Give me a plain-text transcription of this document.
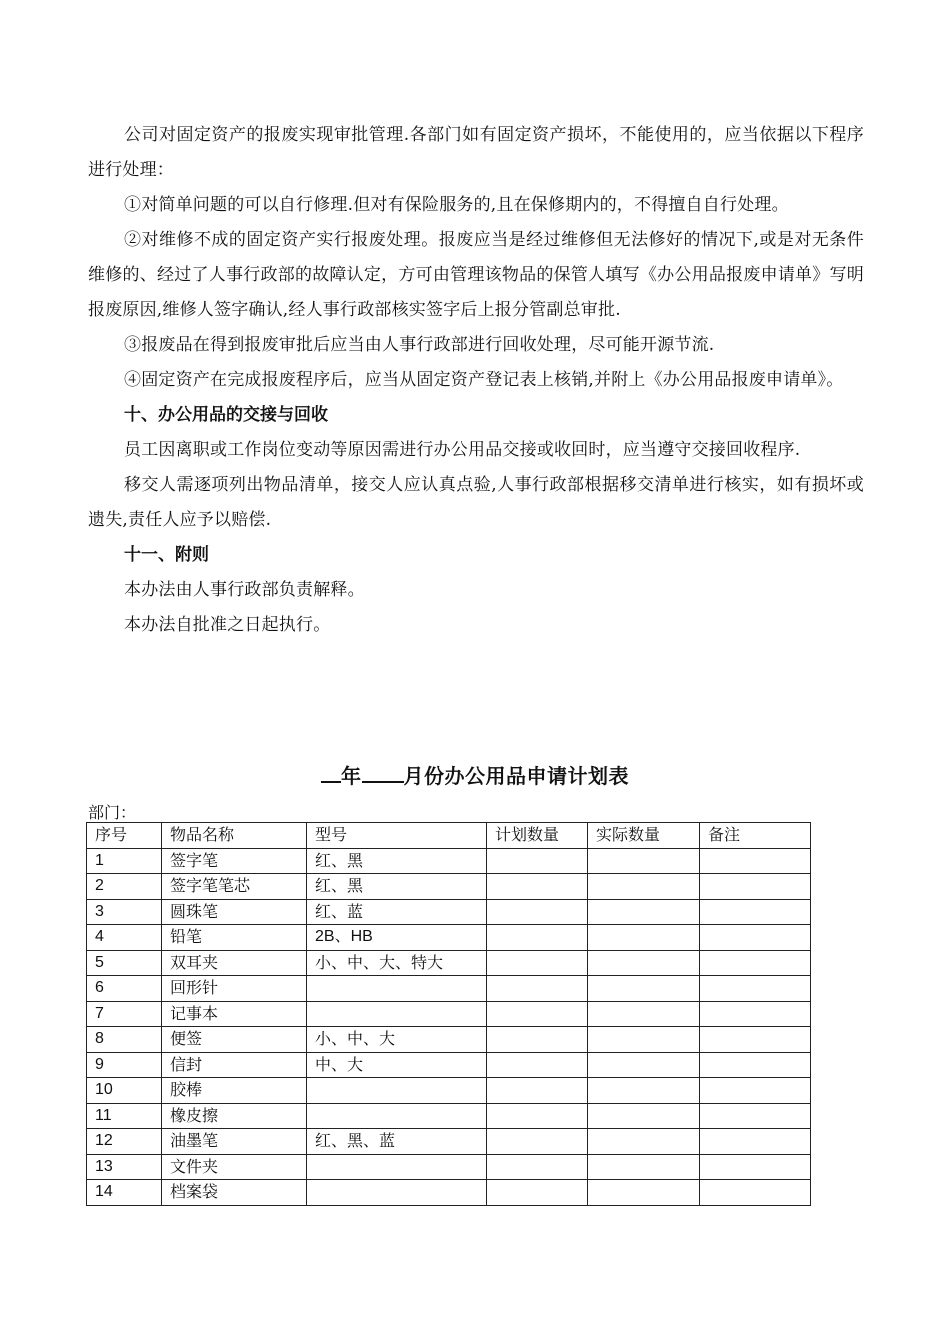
公司对固定资产的报废实现审批管理.各部门如有固定资产损坏，不能使用的，应当依据以下程序进行处理：

①对简单问题的可以自行修理.但对有保险服务的,且在保修期内的，不得擅自自行处理。

②对维修不成的固定资产实行报废处理。报废应当是经过维修但无法修好的情况下,或是对无条件维修的、经过了人事行政部的故障认定，方可由管理该物品的保管人填写《办公用品报废申请单》写明报废原因,维修人签字确认,经人事行政部核实签字后上报分管副总审批.

③报废品在得到报废审批后应当由人事行政部进行回收处理，尽可能开源节流.

④固定资产在完成报废程序后，应当从固定资产登记表上核销,并附上《办公用品报废申请单》。

十、办公用品的交接与回收

员工因离职或工作岗位变动等原因需进行办公用品交接或收回时，应当遵守交接回收程序.

移交人需逐项列出物品清单，接交人应认真点验,人事行政部根据移交清单进行核实，如有损坏或遗失,责任人应予以赔偿.

十一、附则

本办法由人事行政部负责解释。

本办法自批准之日起执行。

年 月份办公用品申请计划表
部门：
序号	物品名称	型号	计划数量	实际数量	备注
1	签字笔	红、黑			
2	签字笔笔芯	红、黑			
3	圆珠笔	红、蓝			
4	铅笔	2B、HB			
5	双耳夹	小、中、大、特大			
6	回形针				
7	记事本				
8	便签	小、中、大			
9	信封	中、大			
10	胶棒				
11	橡皮擦				
12	油墨笔	红、黑、蓝			
13	文件夹				
14	档案袋				
